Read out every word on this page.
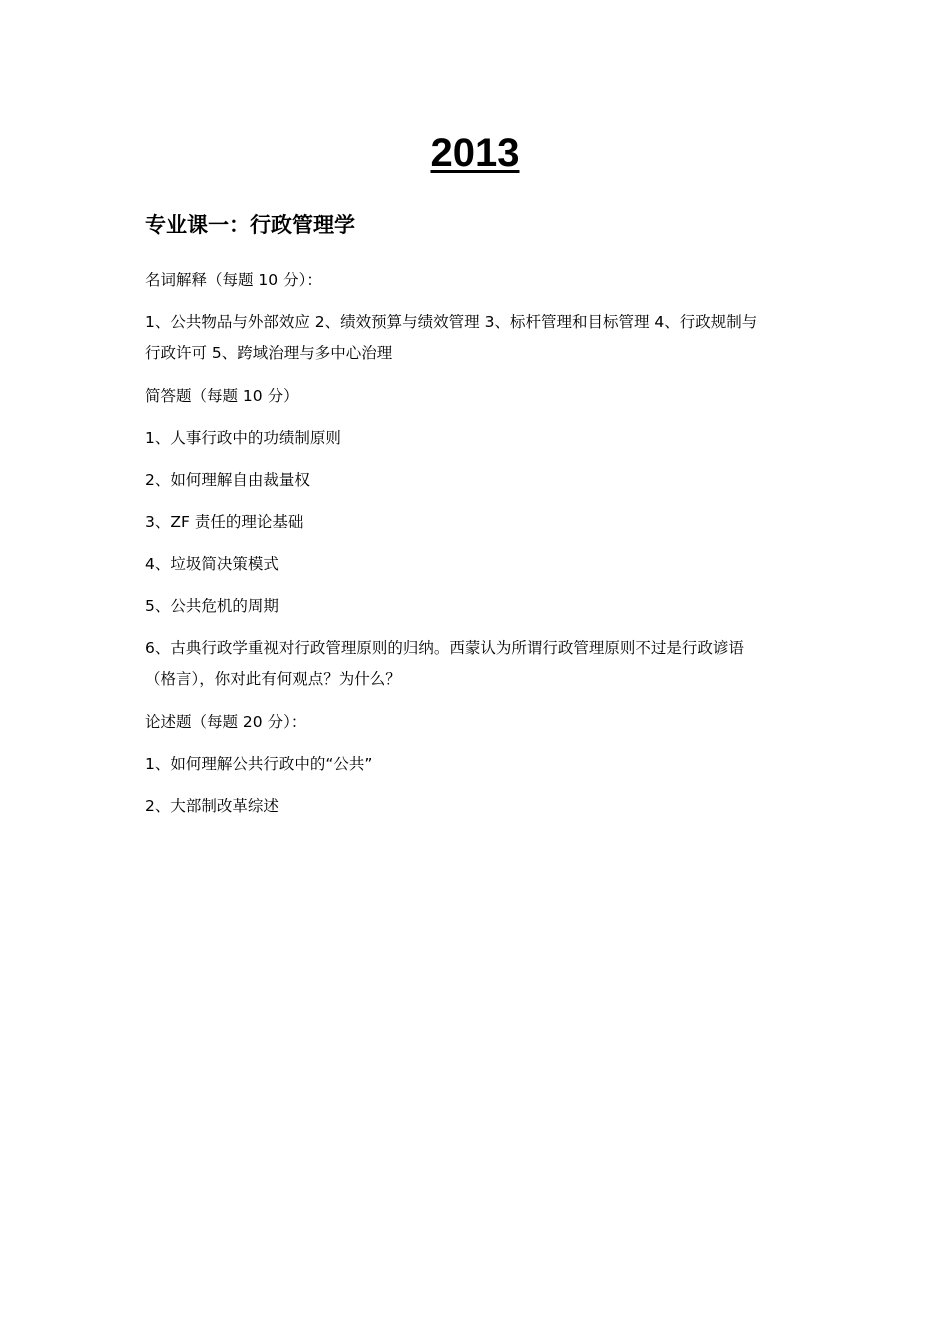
2013
专业课一：行政管理学

名词解释（每题 10 分）：

1、公共物品与外部效应 2、绩效预算与绩效管理 3、标杆管理和目标管理 4、行政规制与

行政许可 5、跨域治理与多中心治理

简答题（每题 10 分）

1、人事行政中的功绩制原则

2、如何理解自由裁量权

3、ZF 责任的理论基础

4、垃圾简决策模式

5、公共危机的周期

6、古典行政学重视对行政管理原则的归纳。西蒙认为所谓行政管理原则不过是行政谚语

（格言），你对此有何观点？为什么？

论述题（每题 20 分）：

1、如何理解公共行政中的“公共”

2、大部制改革综述
